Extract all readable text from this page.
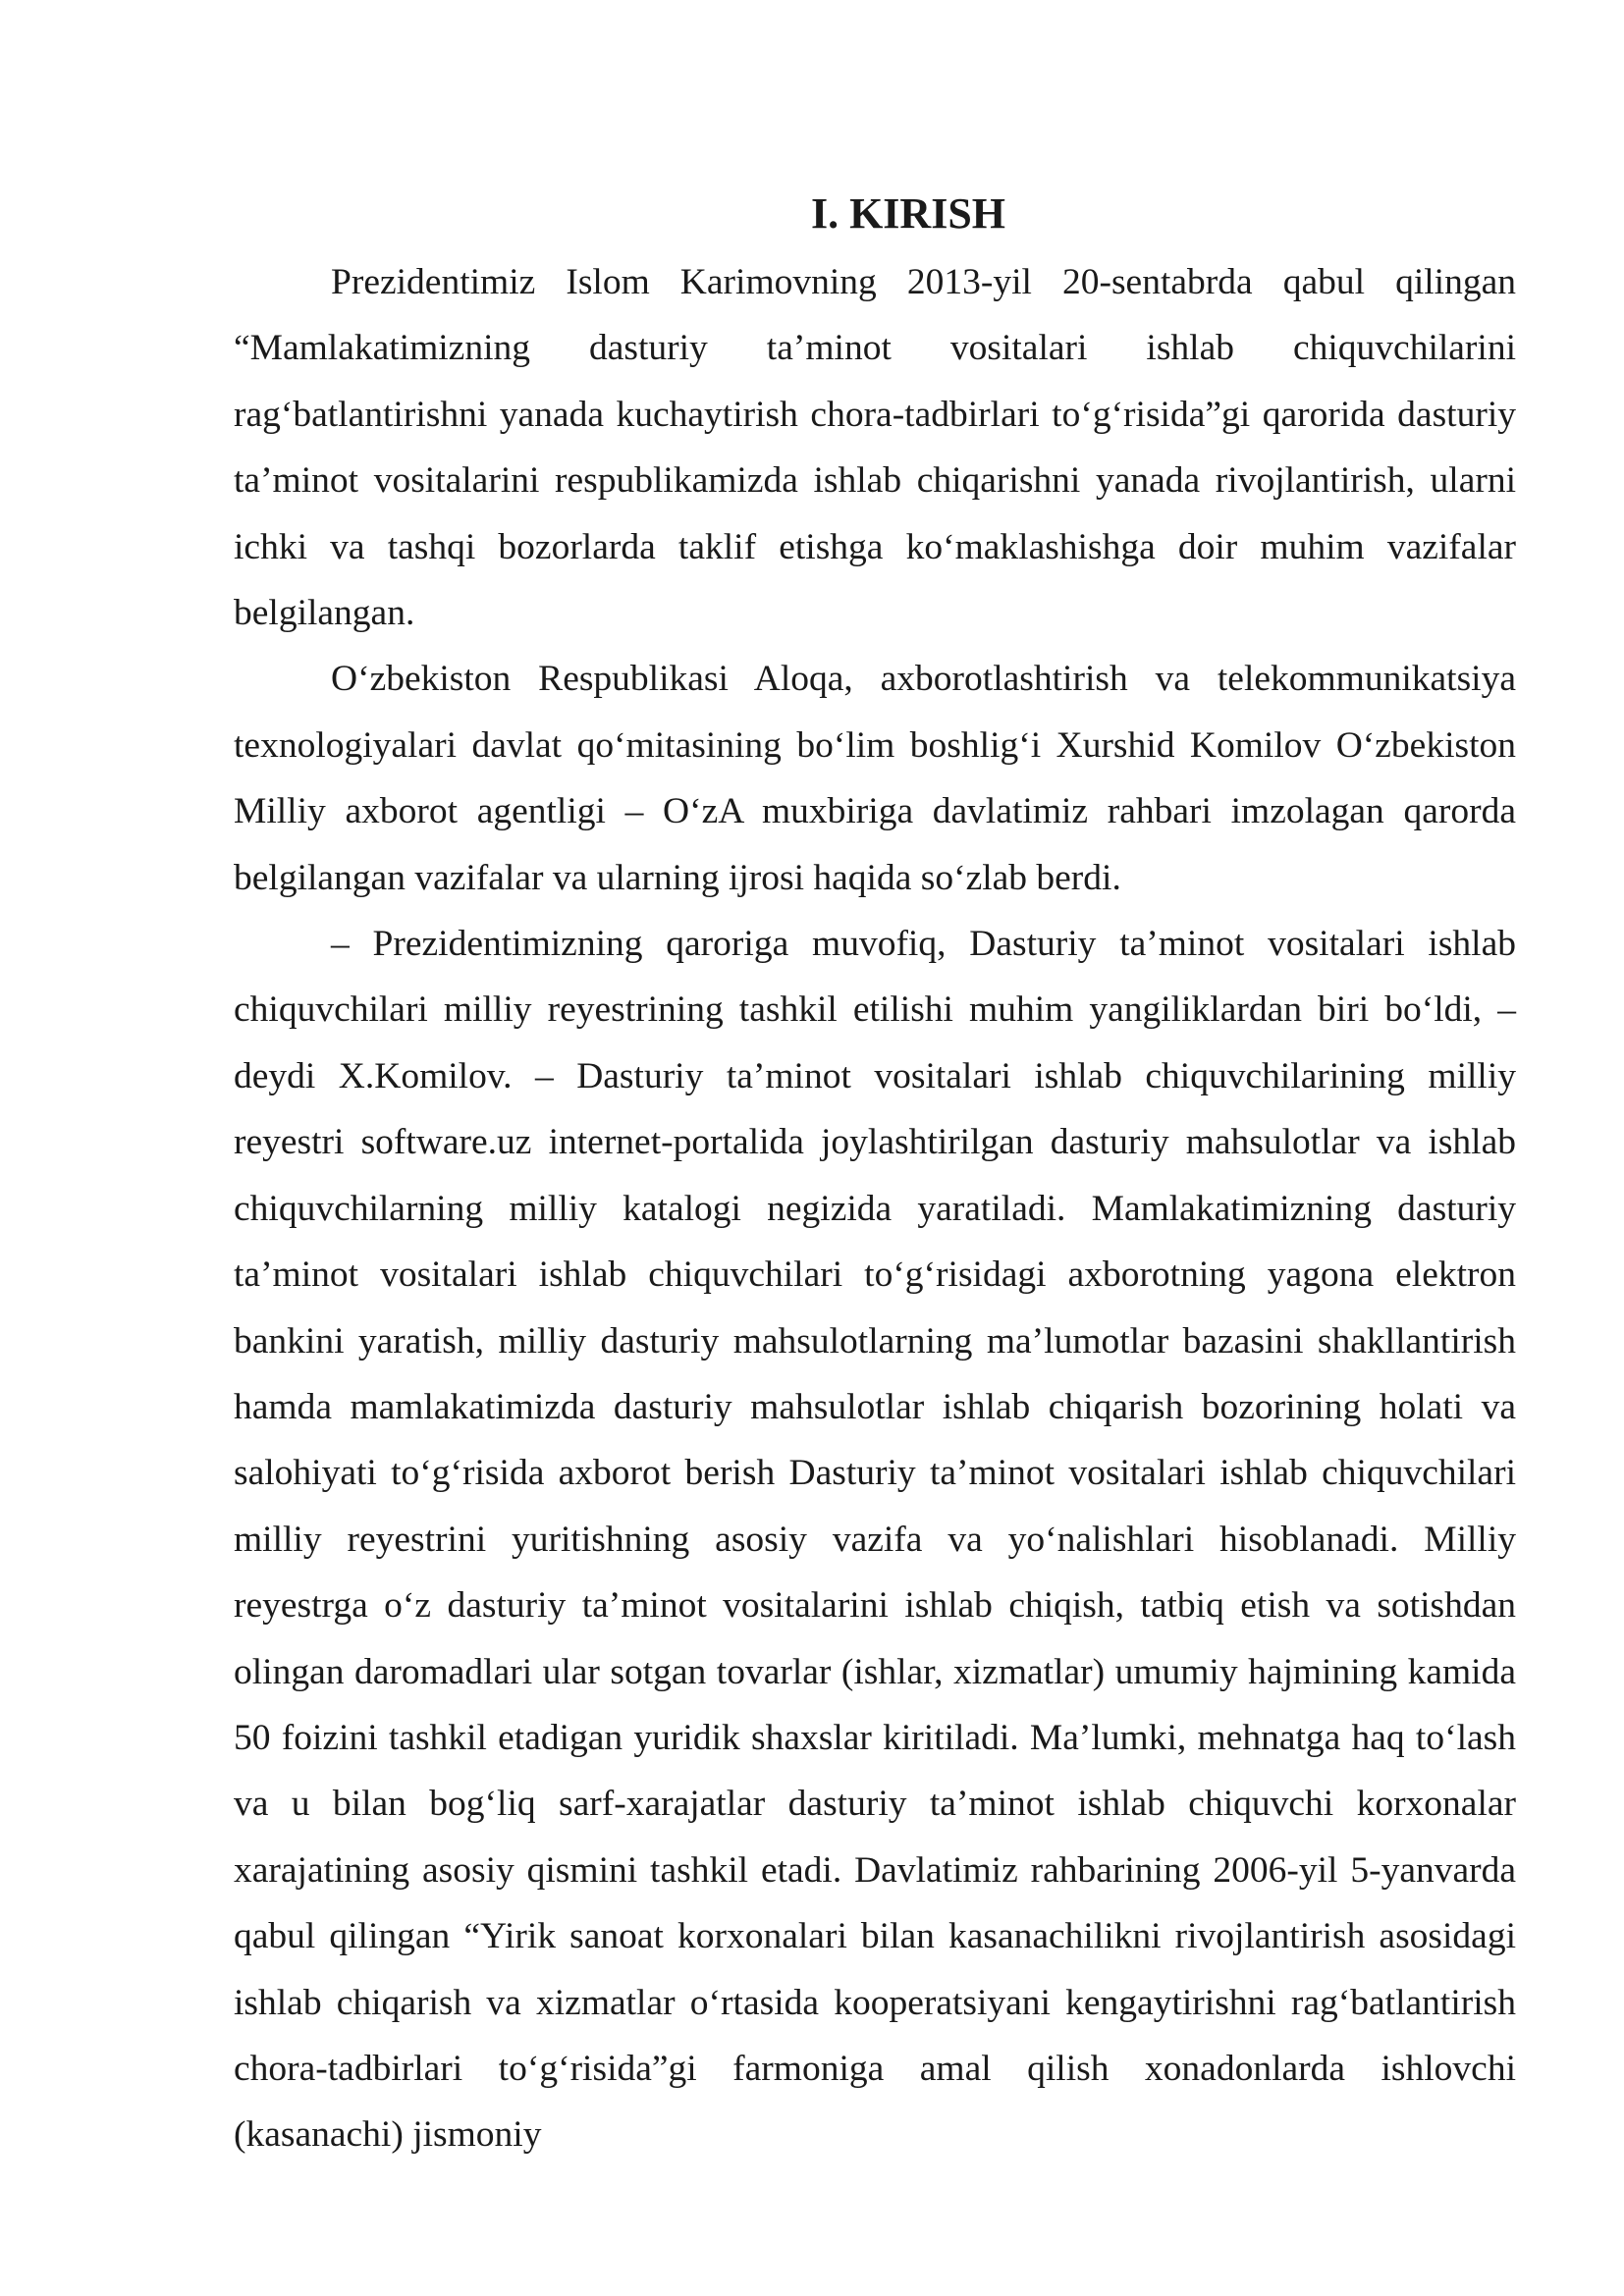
I. KIRISH

Prezidentimiz Islom Karimovning 2013-yil 20-sentabrda qabul qilingan “Mamlakatimizning dasturiy ta’minot vositalari ishlab chiquvchilarini rag‘batlantirishni yanada kuchaytirish chora-tadbirlari to‘g‘risida”gi qarorida dasturiy ta’minot vositalarini respublikamizda ishlab chiqarishni yanada rivojlantirish, ularni ichki va tashqi bozorlarda taklif etishga ko‘maklashishga doir muhim vazifalar belgilangan.

O‘zbekiston Respublikasi Aloqa, axborotlashtirish va telekommunikatsiya texnologiyalari davlat qo‘mitasining bo‘lim boshlig‘i Xurshid Komilov O‘zbekiston Milliy axborot agentligi – O‘zA muxbiriga davlatimiz rahbari imzolagan qarorda belgilangan vazifalar va ularning ijrosi haqida so‘zlab berdi.

– Prezidentimizning qaroriga muvofiq, Dasturiy ta’minot vositalari ishlab chiquvchilari milliy reyestrining tashkil etilishi muhim yangiliklardan biri bo‘ldi, – deydi X.Komilov. – Dasturiy ta’minot vositalari ishlab chiquvchilarining milliy reyestri software.uz internet-portalida joylashtirilgan dasturiy mahsulotlar va ishlab chiquvchilarning milliy katalogi negizida yaratiladi. Mamlakatimizning dasturiy ta’minot vositalari ishlab chiquvchilari to‘g‘risidagi axborotning yagona elektron bankini yaratish, milliy dasturiy mahsulotlarning ma’lumotlar bazasini shakllantirish hamda mamlakatimizda dasturiy mahsulotlar ishlab chiqarish bozorining holati va salohiyati to‘g‘risida axborot berish Dasturiy ta’minot vositalari ishlab chiquvchilari milliy reyestrini yuritishning asosiy vazifa va yo‘nalishlari hisoblanadi. Milliy reyestrga o‘z dasturiy ta’minot vositalarini ishlab chiqish, tatbiq etish va sotishdan olingan daromadlari ular sotgan tovarlar (ishlar, xizmatlar) umumiy hajmining kamida 50 foizini tashkil etadigan yuridik shaxslar kiritiladi. Ma’lumki, mehnatga haq to‘lash va u bilan bog‘liq sarf-xarajatlar dasturiy ta’minot ishlab chiquvchi korxonalar xarajatining asosiy qismini tashkil etadi. Davlatimiz rahbarining 2006-yil 5-yanvarda qabul qilingan “Yirik sanoat korxonalari bilan kasanachilikni rivojlantirish asosidagi ishlab chiqarish va xizmatlar o‘rtasida kooperatsiyani kengaytirishni rag‘batlantirish chora-tadbirlari to‘g‘risida”gi farmoniga amal qilish xonadonlarda ishlovchi (kasanachi) jismoniy
